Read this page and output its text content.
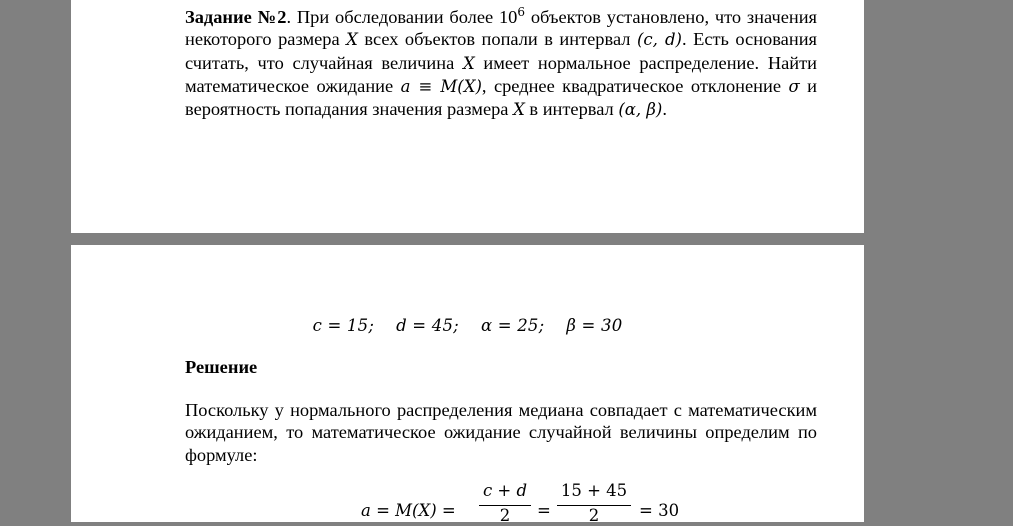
Задание №2. При обследовании более $10^6$ объектов установлено, что значения
некоторого размера X всех объектов попали в интервал (c, d). Есть основания
считать, что случайная величина X имеет нормальное распределение. Найти
математическое ожидание a ≡ M(X), среднее квадратическое отклонение σ и
вероятность попадания значения размера X в интервал (α, β).
c = 15; d = 45; α = 25; β = 30
Решение
Поскольку у нормального распределения медиана совпадает с математическим
ожиданием, то математическое ожидание случайной величины определим по
формуле:
a = M(X) =
c + d
2	=
15 + 45
2	= 30
